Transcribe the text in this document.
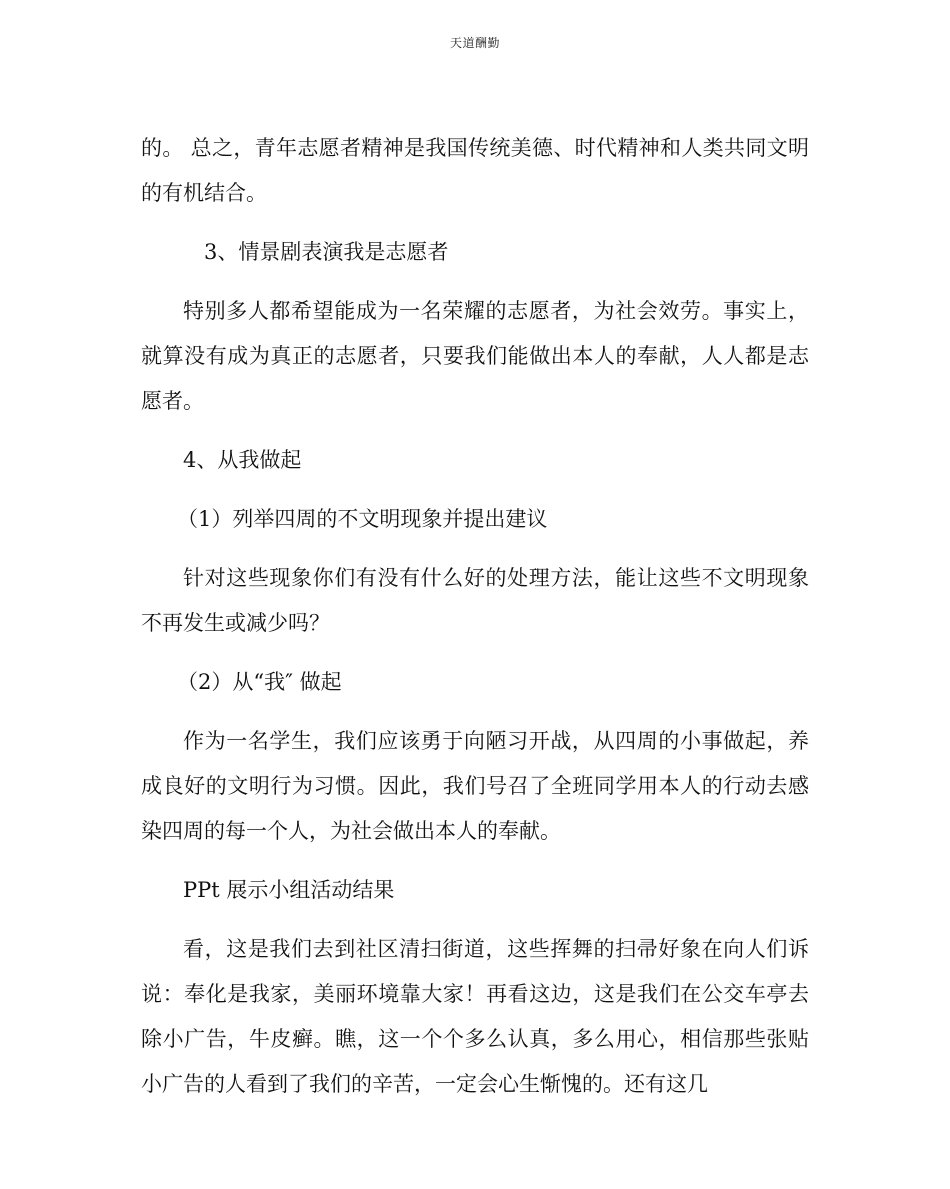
天道酬勤

的。 总之，青年志愿者精神是我国传统美德、时代精神和人类共同文明的有机结合。

3、情景剧表演我是志愿者

特别多人都希望能成为一名荣耀的志愿者，为社会效劳。事实上，就算没有成为真正的志愿者，只要我们能做出本人的奉献，人人都是志愿者。

4、从我做起

（1）列举四周的不文明现象并提出建议

针对这些现象你们有没有什么好的处理方法，能让这些不文明现象不再发生或减少吗？

（2）从“我″ 做起

作为一名学生，我们应该勇于向陋习开战，从四周的小事做起，养成良好的文明行为习惯。因此，我们号召了全班同学用本人的行动去感染四周的每一个人，为社会做出本人的奉献。

PPt 展示小组活动结果

看，这是我们去到社区清扫街道，这些挥舞的扫帚好象在向人们诉说：奉化是我家，美丽环境靠大家！再看这边，这是我们在公交车亭去除小广告，牛皮癣。瞧，这一个个多么认真，多么用心，相信那些张贴小广告的人看到了我们的辛苦，一定会心生惭愧的。还有这几
